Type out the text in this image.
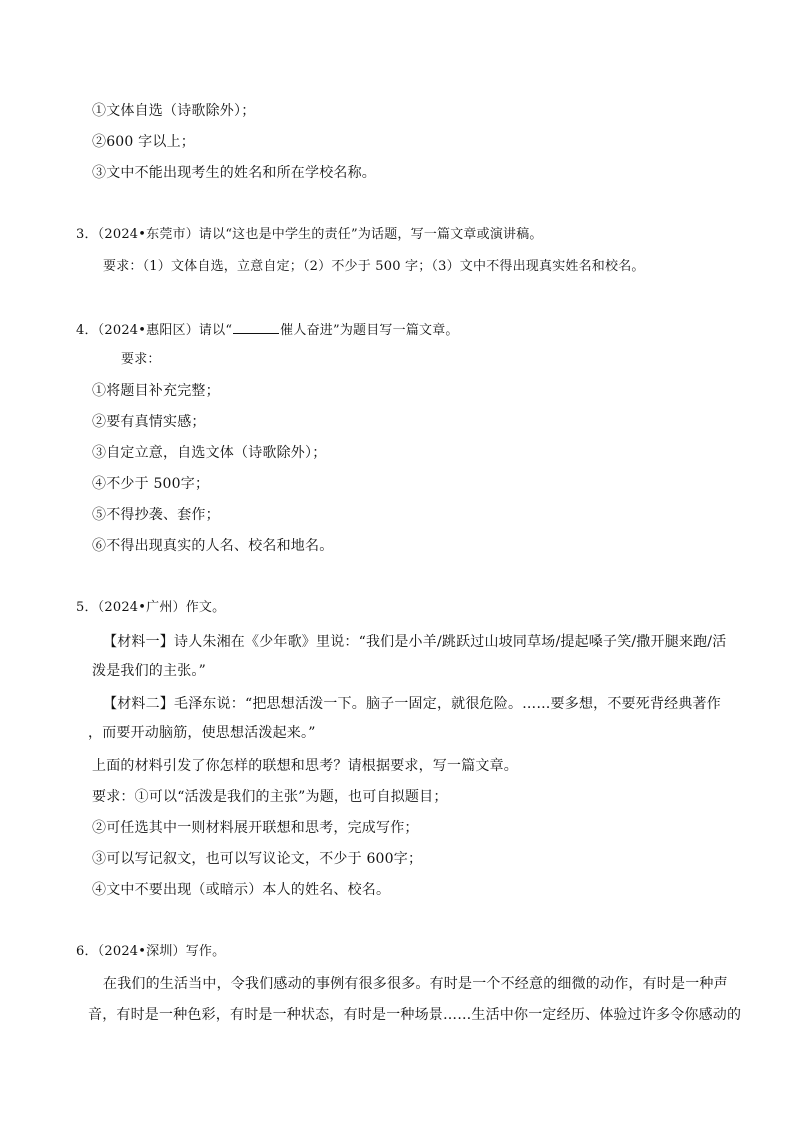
①文体自选（诗歌除外）；
②600 字以上；
③文中不能出现考生的姓名和所在学校名称。
3．（2024•东莞市）请以“这也是中学生的责任”为话题，写一篇文章或演讲稿。
要求：（1）文体自选，立意自定；（2）不少于 500 字；（3）文中不得出现真实姓名和校名。
4．（2024•惠阳区）请以“	催人奋进”为题目写一篇文章。
要求：
①将题目补充完整；
②要有真情实感；
③自定立意，自选文体（诗歌除外）；
④不少于 500字；
⑤不得抄袭、套作；
⑥不得出现真实的人名、校名和地名。
5．（2024•广州）作文。
【材料一】诗人朱湘在《少年歌》里说：“我们是小羊/跳跃过山坡同草场/提起嗓子笑/撒开腿来跑/活
泼是我们的主张。”
【材料二】毛泽东说：“把思想活泼一下。脑子一固定，就很危险。……要多想，不要死背经典著作
，而要开动脑筋，使思想活泼起来。”
上面的材料引发了你怎样的联想和思考？请根据要求，写一篇文章。
要求：①可以“活泼是我们的主张”为题，也可自拟题目；
②可任选其中一则材料展开联想和思考，完成写作；
③可以写记叙文，也可以写议论文，不少于 600字；
④文中不要出现（或暗示）本人的姓名、校名。
6．（2024•深圳）写作。
在我们的生活当中，令我们感动的事例有很多很多。有时是一个不经意的细微的动作，有时是一种声
音，有时是一种色彩，有时是一种状态，有时是一种场景……生活中你一定经历、体验过许多令你感动的
